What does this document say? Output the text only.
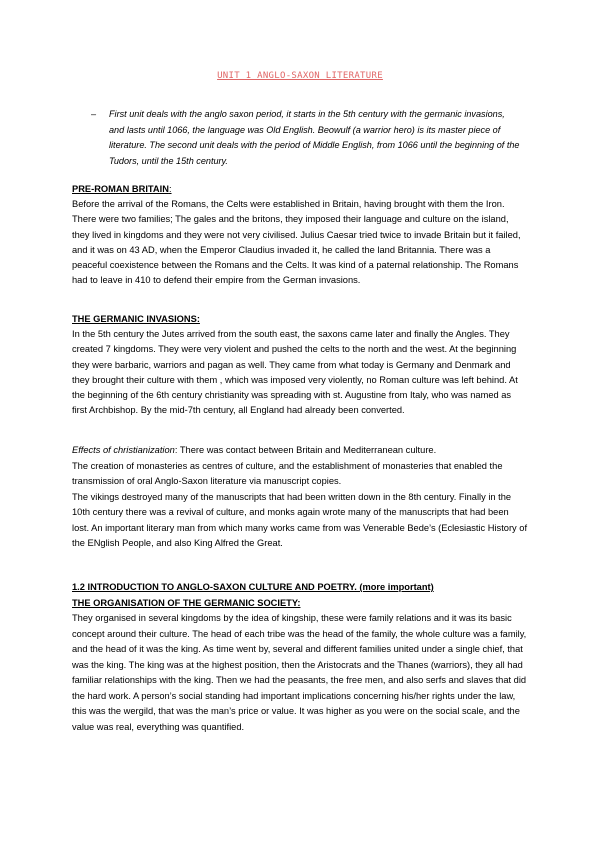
UNIT 1 ANGLO-SAXON LITERATURE
– First unit deals with the anglo saxon period, it starts in the 5th century with the germanic invasions, and lasts until 1066, the language was Old English. Beowulf (a warrior hero) is its master piece of literature. The second unit deals with the period of Middle English, from 1066 until the beginning of the Tudors, until the 15th century.

PRE-ROMAN BRITAIN:

Before the arrival of the Romans, the Celts were established in Britain, having brought with them the Iron. There were two families; The gales and the britons, they imposed their language and culture on the island, they lived in kingdoms and they were not very civilised. Julius Caesar tried twice to invade Britain but it failed, and it was on 43 AD, when the Emperor Claudius invaded it, he called the land Britannia. There was a peaceful coexistence between the Romans and the Celts. It was kind of a paternal relationship. The Romans had to leave in 410 to defend their empire from the German invasions.

THE GERMANIC INVASIONS:

In the 5th century the Jutes arrived from the south east, the saxons came later and finally the Angles. They created 7 kingdoms. They were very violent and pushed the celts to the north and the west. At the beginning they were barbaric, warriors and pagan as well. They came from what today is Germany and Denmark and they brought their culture with them , which was imposed very violently, no Roman culture was left behind. At the beginning of the 6th century christianity was spreading with st. Augustine from Italy, who was named as first Archbishop. By the mid-7th century, all England had already been converted.

Effects of christianization: There was contact between Britain and Mediterranean culture.

The creation of monasteries as centres of culture, and the establishment of monasteries that enabled the transmission of oral Anglo-Saxon literature via manuscript copies.

The vikings destroyed many of the manuscripts that had been written down in the 8th century. Finally in the 10th century there was a revival of culture, and monks again wrote many of the manuscripts that had been lost. An important literary man from which many works came from was Venerable Bede’s (Eclesiastic History of the ENglish People, and also King Alfred the Great.

1.2 INTRODUCTION TO ANGLO-SAXON CULTURE AND POETRY. (more important)
THE ORGANISATION OF THE GERMANIC SOCIETY:

They organised in several kingdoms by the idea of kingship, these were family relations and it was its basic concept around their culture. The head of each tribe was the head of the family, the whole culture was a family, and the head of it was the king. As time went by, several and different families united under a single chief, that was the king. The king was at the highest position, then the Aristocrats and the Thanes (warriors), they all had familiar relationships with the king. Then we had the peasants, the free men, and also serfs and slaves that did the hard work. A person’s social standing had important implications concerning his/her rights under the law, this was the wergild, that was the man’s price or value. It was higher as you were on the social scale, and the value was real, everything was quantified.
